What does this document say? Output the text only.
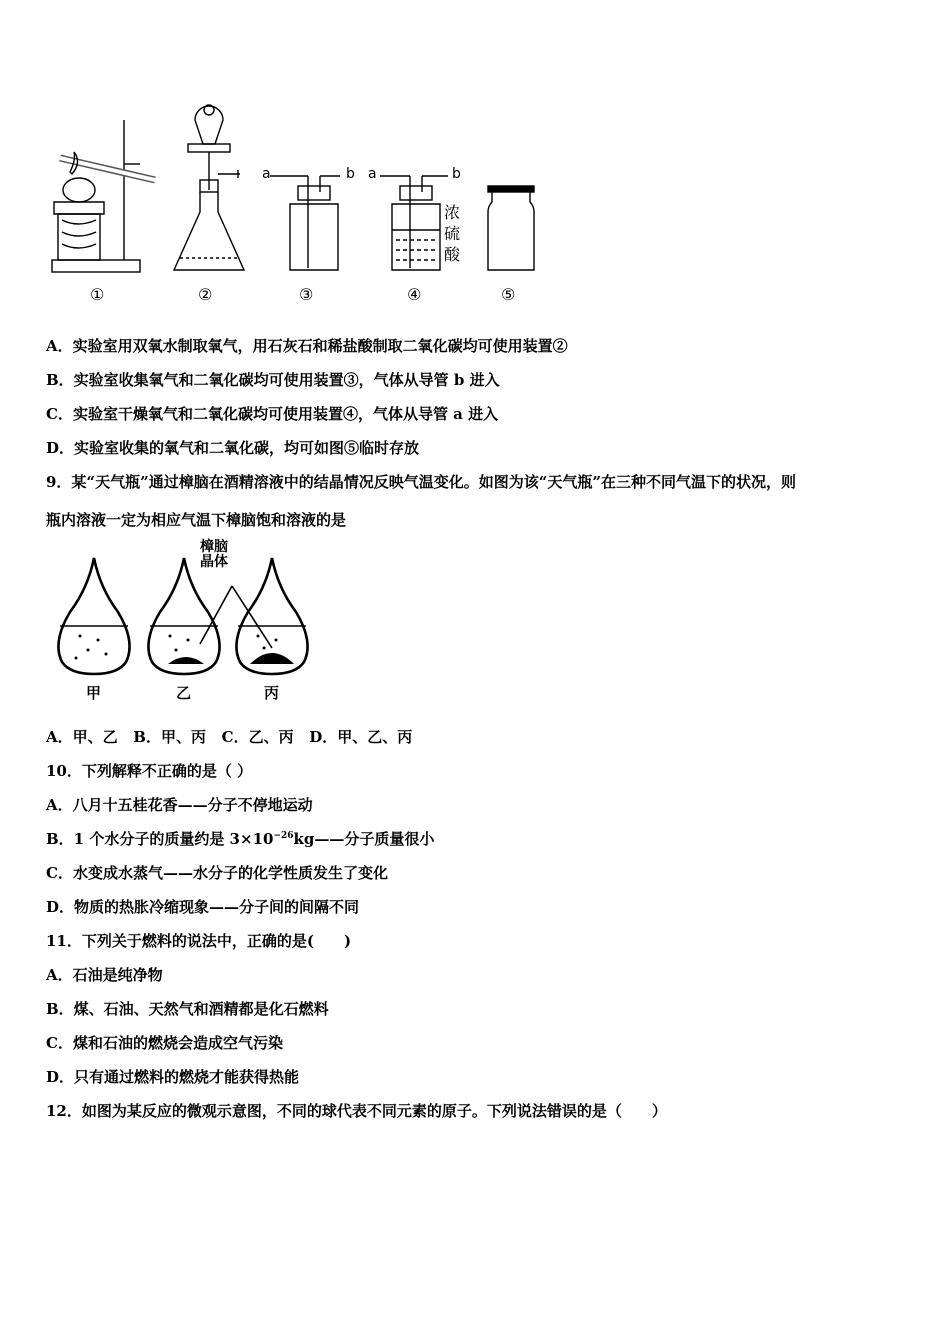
a	b a	b
浓
硫
酸
①	②	③	④	⑤
A．实验室用双氧水制取氧气，用石灰石和稀盐酸制取二氧化碳均可使用装置②
B．实验室收集氧气和二氧化碳均可使用装置③，气体从导管 b 进入
C．实验室干燥氧气和二氧化碳均可使用装置④，气体从导管 a 进入
D．实验室收集的氧气和二氧化碳，均可如图⑤临时存放
9．某“天气瓶”通过樟脑在酒精溶液中的结晶情况反映气温变化。如图为该“天气瓶”在三种不同气温下的状况，则
瓶内溶液一定为相应气温下樟脑饱和溶液的是
樟脑
晶体
甲	乙	丙
A．甲、乙   B．甲、丙   C．乙、丙   D．甲、乙、丙
10．下列解释不正确的是（ ）
A．八月十五桂花香——分子不停地运动
B．1 个水分子的质量约是 $3\times 10^{-26}kg——$分子质量很小
C．水变成水蒸气——水分子的化学性质发生了变化
D．物质的热胀冷缩现象——分子间的间隔不同
11．下列关于燃料的说法中，正确的是(　　)
A．石油是纯净物
B．煤、石油、天然气和酒精都是化石燃料
C．煤和石油的燃烧会造成空气污染
D．只有通过燃料的燃烧才能获得热能
12．如图为某反应的微观示意图，不同的球代表不同元素的原子。下列说法错误的是（　　）
